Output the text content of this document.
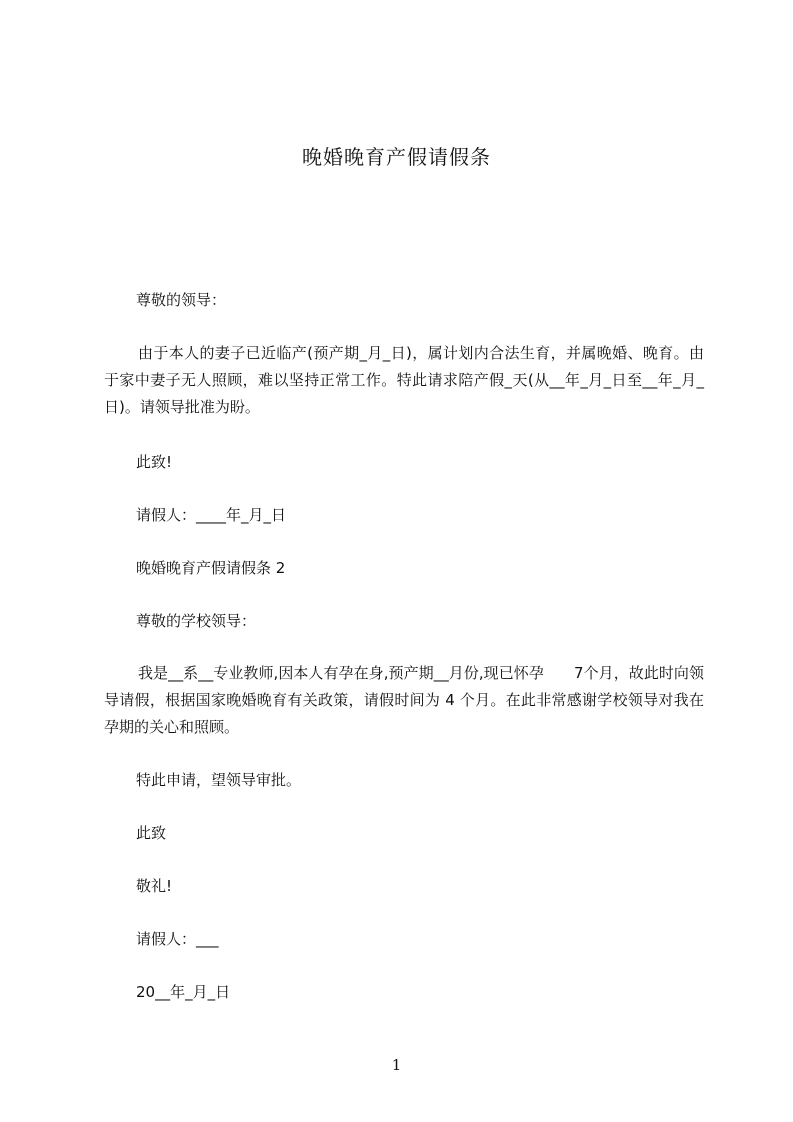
晚婚晚育产假请假条
尊敬的领导：
由于本人的妻子已近临产(预产期_月_日)，属计划内合法生育，并属晚婚、晚育。由于家中妻子无人照顾，难以坚持正常工作。特此请求陪产假_天(从__年_月_日至__年_月_日)。请领导批准为盼。
此致!
请假人：____年_月_日
晚婚晚育产假请假条 2
尊敬的学校领导：
我是__系__专业教师,因本人有孕在身,预产期__月份,现已怀孕　　7个月，故此时向领导请假，根据国家晚婚晚育有关政策，请假时间为 4 个月。在此非常感谢学校领导对我在孕期的关心和照顾。
特此申请，望领导审批。
此致
敬礼!
请假人：___
20__年_月_日
1
